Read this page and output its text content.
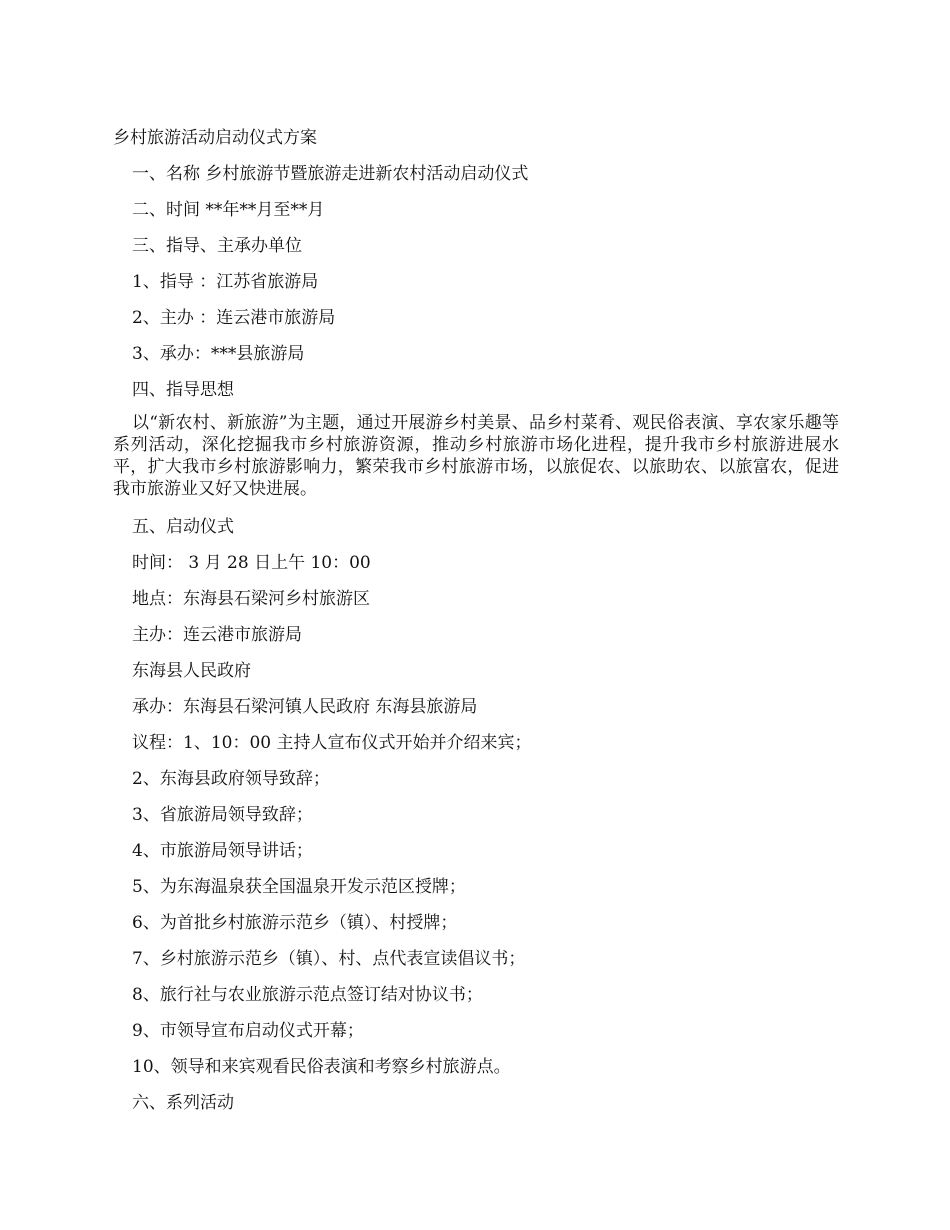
乡村旅游活动启动仪式方案
一、名称 乡村旅游节暨旅游走进新农村活动启动仪式
二、时间 **年**月至**月
三、指导、主承办单位
1、指导 ：江苏省旅游局
2、主办 ：连云港市旅游局
3、承办：***县旅游局
四、指导思想
以“新农村、新旅游”为主题，通过开展游乡村美景、品乡村菜肴、观民俗表演、享农家乐趣等系列活动，深化挖掘我市乡村旅游资源，推动乡村旅游市场化进程，提升我市乡村旅游进展水平，扩大我市乡村旅游影响力，繁荣我市乡村旅游市场，以旅促农、以旅助农、以旅富农，促进我市旅游业又好又快进展。
五、启动仪式
时间： 3 月 28 日上午 10：00
地点：东海县石梁河乡村旅游区
主办：连云港市旅游局
东海县人民政府
承办：东海县石梁河镇人民政府 东海县旅游局
议程：1、10：00 主持人宣布仪式开始并介绍来宾；
2、东海县政府领导致辞；
3、省旅游局领导致辞；
4、市旅游局领导讲话；
5、为东海温泉获全国温泉开发示范区授牌；
6、为首批乡村旅游示范乡（镇）、村授牌；
7、乡村旅游示范乡（镇）、村、点代表宣读倡议书；
8、旅行社与农业旅游示范点签订结对协议书；
9、市领导宣布启动仪式开幕；
10、领导和来宾观看民俗表演和考察乡村旅游点。
六、系列活动
